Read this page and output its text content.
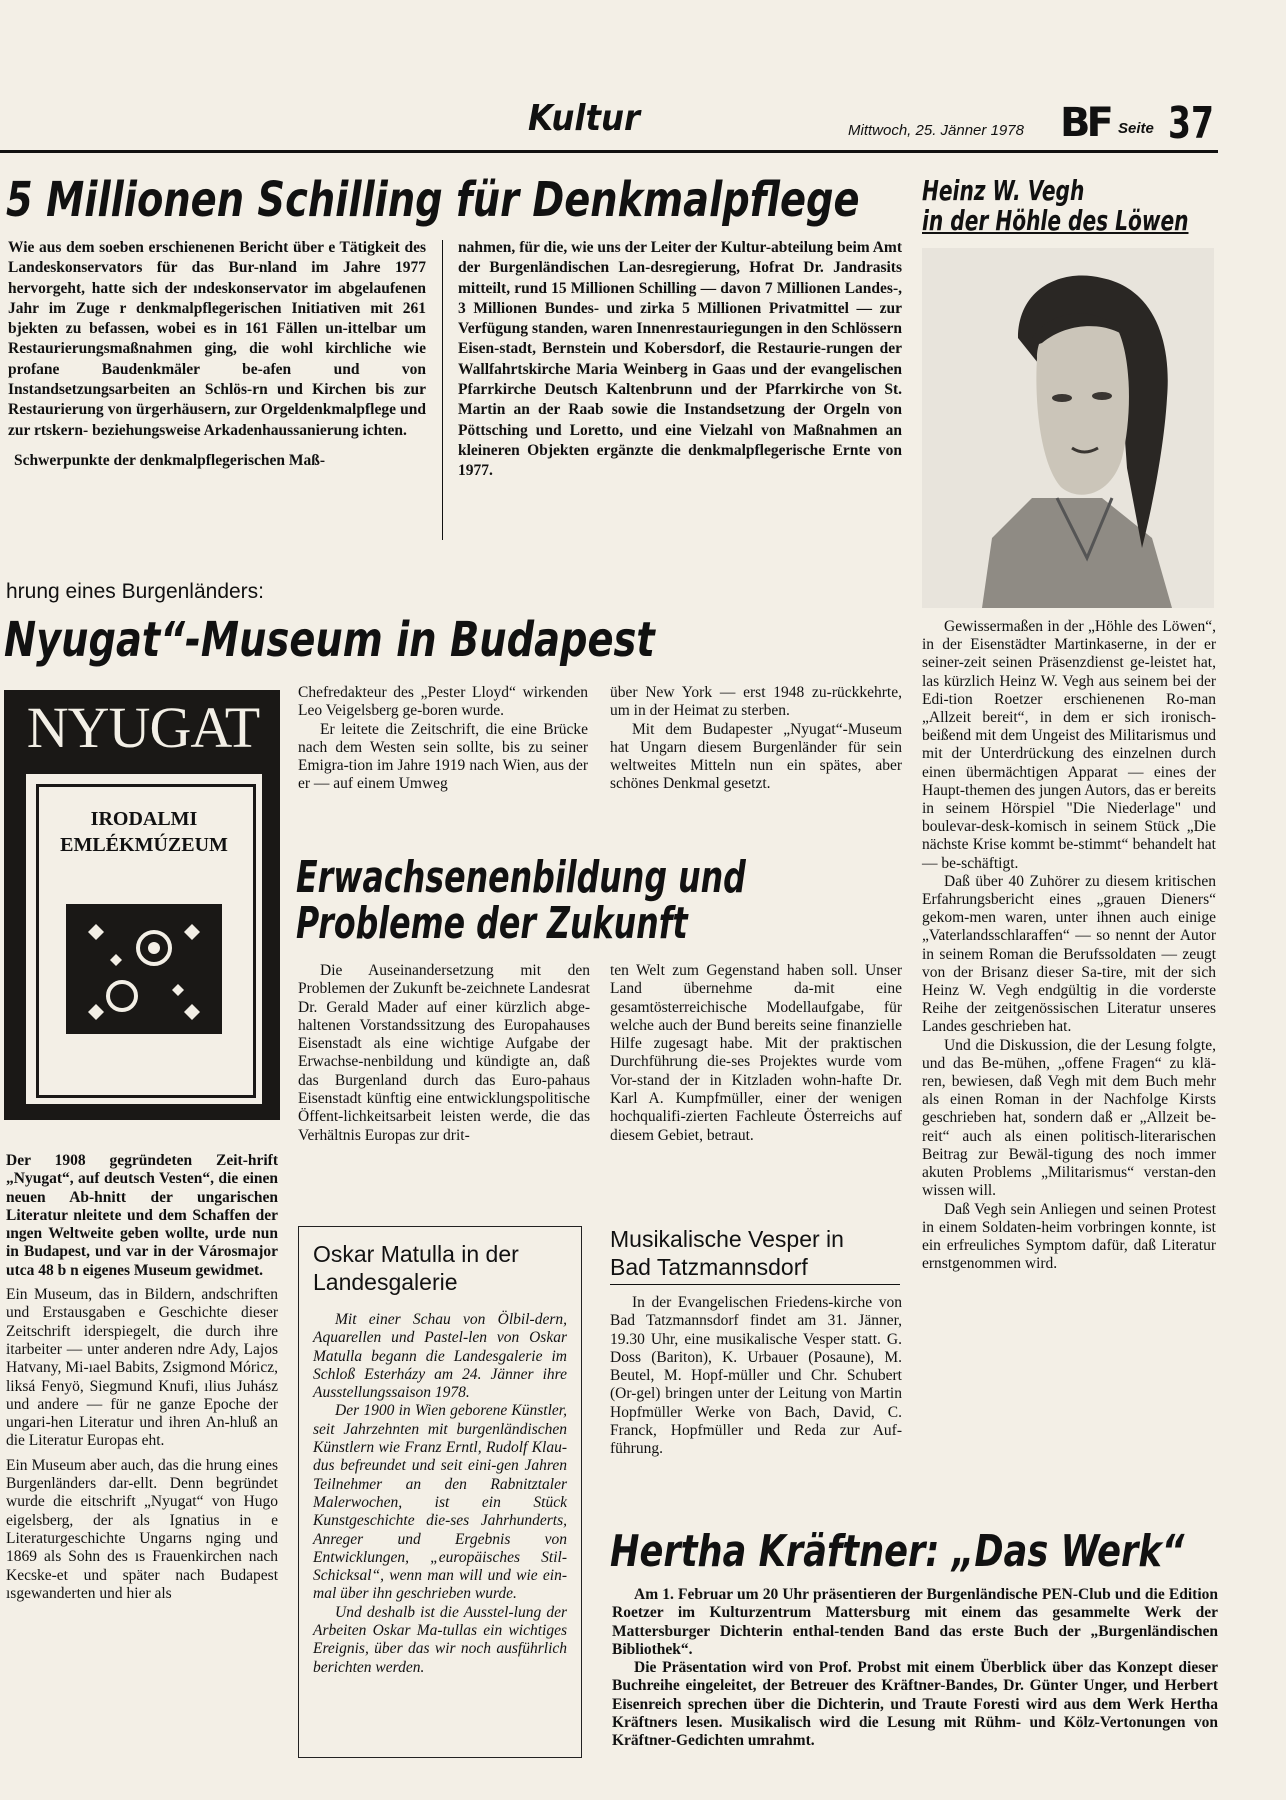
Kultur	Mittwoch, 25. Jänner 1978 BF Seite 37
5 Millionen Schilling für Denkmalpflege

Wie aus dem soeben erschienenen Bericht über e Tätigkeit des Landeskonservators für das Bur-nland im Jahre 1977 hervorgeht, hatte sich der ındeskonservator im abgelaufenen Jahr im Zuge r denkmalpflegerischen Initiativen mit 261 bjekten zu befassen, wobei es in 161 Fällen un-ittelbar um Restaurierungsmaßnahmen ging, die wohl kirchliche wie profane Baudenkmäler be-afen und von Instandsetzungsarbeiten an Schlös-rn und Kirchen bis zur Restaurierung von ürgerhäusern, zur Orgeldenkmalpflege und zur rtskern- beziehungsweise Arkadenhaussanierung ichten.

Schwerpunkte der denkmalpflegerischen Maß-

nahmen, für die, wie uns der Leiter der Kultur-abteilung beim Amt der Burgenländischen Lan-desregierung, Hofrat Dr. Jandrasits mitteilt, rund 15 Millionen Schilling — davon 7 Millionen Landes-, 3 Millionen Bundes- und zirka 5 Millionen Privatmittel — zur Verfügung standen, waren Innenrestauriegungen in den Schlössern Eisen-stadt, Bernstein und Kobersdorf, die Restaurie-rungen der Wallfahrtskirche Maria Weinberg in Gaas und der evangelischen Pfarrkirche Deutsch Kaltenbrunn und der Pfarrkirche von St. Martin an der Raab sowie die Instandsetzung der Orgeln von Pöttsching und Loretto, und eine Vielzahl von Maßnahmen an kleineren Objekten ergänzte die denkmalpflegerische Ernte von 1977.

Heinz W. Vegh
in der Höhle des Löwen

Gewissermaßen in der „Höhle des Löwen“, in der Eisenstädter Martinkaserne, in der er seiner-zeit seinen Präsenzdienst ge-leistet hat, las kürzlich Heinz W. Vegh aus seinem bei der Edi-tion Roetzer erschienenen Ro-man „Allzeit bereit“, in dem er sich ironisch-beißend mit dem Ungeist des Militarismus und mit der Unterdrückung des einzelnen durch einen übermächtigen Apparat — eines der Haupt-themen des jungen Autors, das er bereits in seinem Hörspiel "Die Niederlage" und boulevar-desk-komisch in seinem Stück „Die nächste Krise kommt be-stimmt“ behandelt hat — be-schäftigt.

Daß über 40 Zuhörer zu diesem kritischen Erfahrungsbericht eines „grauen Dieners“ gekom-men waren, unter ihnen auch einige „Vaterlandsschlaraffen“ — so nennt der Autor in seinem Roman die Berufssoldaten — zeugt von der Brisanz dieser Sa-tire, mit der sich Heinz W. Vegh endgültig in die vorderste Reihe der zeitgenössischen Literatur unseres Landes geschrieben hat.

Und die Diskussion, die der Lesung folgte, und das Be-mühen, „offene Fragen“ zu klä-ren, bewiesen, daß Vegh mit dem Buch mehr als einen Roman in der Nachfolge Kirsts geschrieben hat, sondern daß er „Allzeit be-reit“ auch als einen politisch-literarischen Beitrag zur Bewäl-tigung des noch immer akuten Problems „Militarismus“ verstan-den wissen will.

Daß Vegh sein Anliegen und seinen Protest in einem Soldaten-heim vorbringen konnte, ist ein erfreuliches Symptom dafür, daß Literatur ernstgenommen wird.

hrung eines Burgenländers:
Nyugat“-Museum in Budapest
NYUGAT
IRODALMI
EMLÉKMÚZEUM

Der 1908 gegründeten Zeit-hrift „Nyugat“, auf deutsch Vesten“, die einen neuen Ab-hnitt der ungarischen Literatur nleitete und dem Schaffen der ıngen Weltweite geben wollte, urde nun in Budapest, und var in der Városmajor utca 48 b n eigenes Museum gewidmet.

Ein Museum, das in Bildern, andschriften und Erstausgaben e Geschichte dieser Zeitschrift iderspiegelt, die durch ihre itarbeiter — unter anderen ndre Ady, Lajos Hatvany, Mi-ıael Babits, Zsigmond Móricz, liksá Fenyö, Siegmund Knufi, ılius Juhász und andere — für ne ganze Epoche der ungari-hen Literatur und ihren An-hluß an die Literatur Europas eht.

Ein Museum aber auch, das die hrung eines Burgenländers dar-ellt. Denn begründet wurde die eitschrift „Nyugat“ von Hugo eigelsberg, der als Ignatius in e Literaturgeschichte Ungarns nging und 1869 als Sohn des ıs Frauenkirchen nach Kecske-et und später nach Budapest ısgewanderten und hier als

Chefredakteur des „Pester Lloyd“ wirkenden Leo Veigelsberg ge-boren wurde.

Er leitete die Zeitschrift, die eine Brücke nach dem Westen sein sollte, bis zu seiner Emigra-tion im Jahre 1919 nach Wien, aus der er — auf einem Umweg

über New York — erst 1948 zu-rückkehrte, um in der Heimat zu sterben.

Mit dem Budapester „Nyugat“-Museum hat Ungarn diesem Burgenländer für sein weltweites Mitteln nun ein spätes, aber schönes Denkmal gesetzt.

Erwachsenenbildung und
Probleme der Zukunft

Die Auseinandersetzung mit den Problemen der Zukunft be-zeichnete Landesrat Dr. Gerald Mader auf einer kürzlich abge-haltenen Vorstandssitzung des Europahauses Eisenstadt als eine wichtige Aufgabe der Erwachse-nenbildung und kündigte an, daß das Burgenland durch das Euro-pahaus Eisenstadt künftig eine entwicklungspolitische Öffent-lichkeitsarbeit leisten werde, die das Verhältnis Europas zur drit-

ten Welt zum Gegenstand haben soll. Unser Land übernehme da-mit eine gesamtösterreichische Modellaufgabe, für welche auch der Bund bereits seine finanzielle Hilfe zugesagt habe. Mit der praktischen Durchführung die-ses Projektes wurde vom Vor-stand der in Kitzladen wohn-hafte Dr. Karl A. Kumpfmüller, einer der wenigen hochqualifi-zierten Fachleute Österreichs auf diesem Gebiet, betraut.

Oskar Matulla in der
Landesgalerie

Mit einer Schau von Ölbil-dern, Aquarellen und Pastel-len von Oskar Matulla begann die Landesgalerie im Schloß Esterházy am 24. Jänner ihre Ausstellungssaison 1978.

Der 1900 in Wien geborene Künstler, seit Jahrzehnten mit burgenländischen Künstlern wie Franz Erntl, Rudolf Klau-dus befreundet und seit eini-gen Jahren Teilnehmer an den Rabnitztaler Malerwochen, ist ein Stück Kunstgeschichte die-ses Jahrhunderts, Anreger und Ergebnis von Entwicklungen, „europäisches Stil-Schicksal“, wenn man will und wie ein-mal über ihn geschrieben wurde.

Und deshalb ist die Ausstel-lung der Arbeiten Oskar Ma-tullas ein wichtiges Ereignis, über das wir noch ausführlich berichten werden.

Musikalische Vesper in
Bad Tatzmannsdorf

In der Evangelischen Friedens-kirche von Bad Tatzmannsdorf findet am 31. Jänner, 19.30 Uhr, eine musikalische Vesper statt. G. Doss (Bariton), K. Urbauer (Posaune), M. Beutel, M. Hopf-müller und Chr. Schubert (Or-gel) bringen unter der Leitung von Martin Hopfmüller Werke von Bach, David, C. Franck, Hopfmüller und Reda zur Auf-führung.

Hertha Kräftner: „Das Werk“

Am 1. Februar um 20 Uhr präsentieren der Burgenländische PEN-Club und die Edition Roetzer im Kulturzentrum Mattersburg mit einem das gesammelte Werk der Mattersburger Dichterin enthal-tenden Band das erste Buch der „Burgenländischen Bibliothek“.

Die Präsentation wird von Prof. Probst mit einem Überblick über das Konzept dieser Buchreihe eingeleitet, der Betreuer des Kräftner-Bandes, Dr. Günter Unger, und Herbert Eisenreich sprechen über die Dichterin, und Traute Foresti wird aus dem Werk Hertha Kräftners lesen. Musikalisch wird die Lesung mit Rühm- und Kölz-Vertonungen von Kräftner-Gedichten umrahmt.
